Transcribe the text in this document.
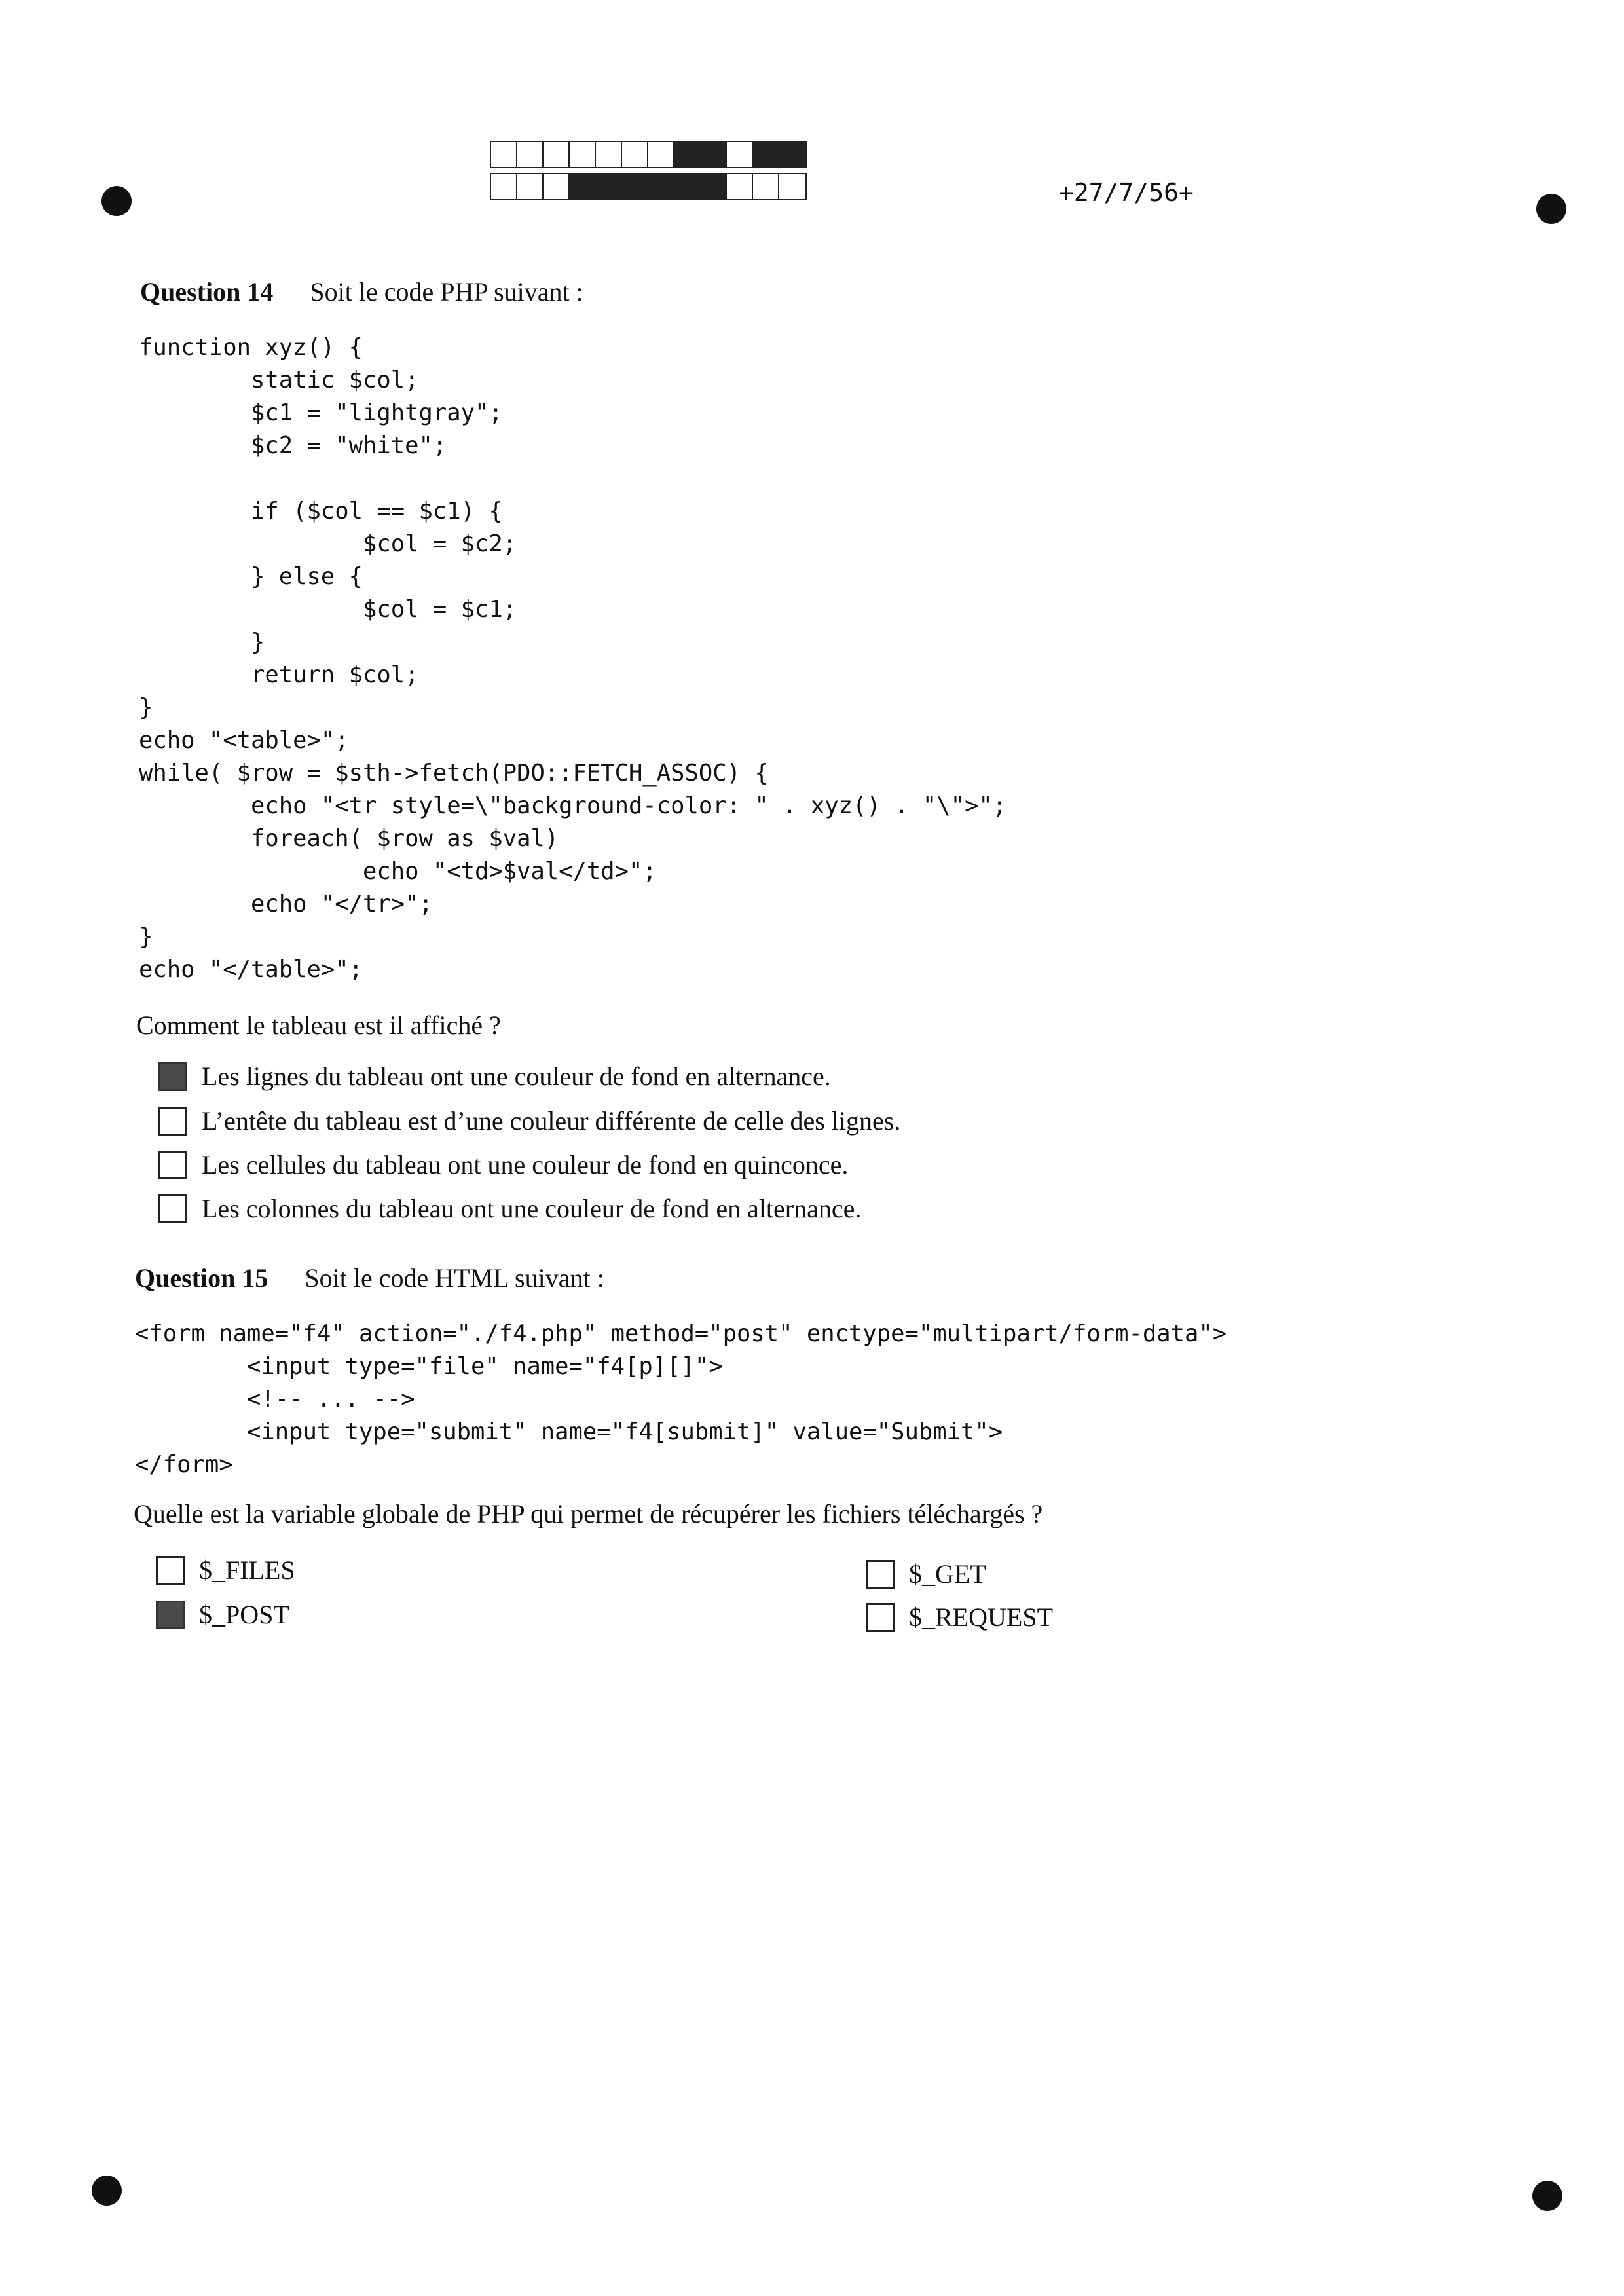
+27/7/56+
Question 14 Soit le code PHP suivant :
function xyz() {
static $col;
$c1 = "lightgray";
$c2 = "white";

if ($col == $c1) {
$col = $c2;
} else {
$col = $c1;
}
return $col;
}
echo "<table>";
while( $row = $sth->fetch(PDO::FETCH_ASSOC) {
echo "<tr style=\"background-color: " . xyz() . "\">";
foreach( $row as $val)
echo "<td>$val</td>";
echo "</tr>";
}
echo "</table>";
Comment le tableau est il affiché ?
Les lignes du tableau ont une couleur de fond en alternance.
L’entête du tableau est d’une couleur différente de celle des lignes.
Les cellules du tableau ont une couleur de fond en quinconce.
Les colonnes du tableau ont une couleur de fond en alternance.
Question 15 Soit le code HTML suivant :
<form name="f4" action="./f4.php" method="post" enctype="multipart/form-data">
<input type="file" name="f4[p][]">
<!-- ... -->
<input type="submit" name="f4[submit]" value="Submit">
</form>
Quelle est la variable globale de PHP qui permet de récupérer les fichiers téléchargés ?
$_FILES
$_POST
$_GET
$_REQUEST
